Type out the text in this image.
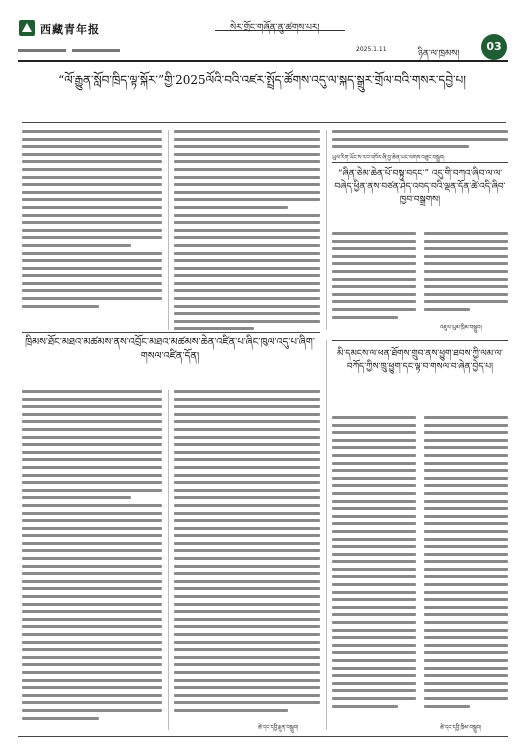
西藏青年报	སེར་གྲོང་གཞོན་ནུ་ཚགས་པར།
2025.1.11	ཉིན་ལ་ཁྲམས།
03
“ལོ་རྒྱུན་སློབ་ཁྲིད་ལྟ་སྐོར་”གྱི་2025ལོའི་བའི་འཛར་སྤྲོད་ཚོགས་འདུ་ལ་སྐད་སྒྲུར་གྲོལ་བའི་གསར་དབྱེ་པ།
ཡུལ་རིག་ཡོང་ས་རབ་འཁོར་ཞི་བྱ་ཆེན་ཡང་ལགས་འཐུང་བསྒྲུབ།
“ཞིན་ཅེམ་ཆེན་པོ་བསྟུ་བདང་” འདུ་གི་བཀའ་ཞིབ་ལ་ལ་བཞེད་ཕྱིན་ནས་བཙན་ཤེད་འབད་བའི་ལྡན་དོན་ཚེ་འདི་ཞིབ་ཁྱབ་བསྒྲགས།
འཇུལ་ཡུམ་ཁྲིམ་བསྒྲུབ།
ཁྲིམས་ཐོང་མཐའ་མཚམས་ནས་འབྲོང་མཐའ་མཚམས་ཆེན་འཛིན་པ་ཞིང་ཁུལ་འདུ་པ་ཞིག་གསལ་འཛིན་དོན།
ཚེ་དང་དབྱི་རྗུན་བསྒྲུབ།
མི་དམངས་ལ་ཕན་ཐོགས་གྲུབ་ནས་ཕྱུག་ཐབས་ཀྱི་ལམ་ལ་བཀོད་ཀྱིས་ཁྲུ་ཕྱུག་དང་ལྟ་བ་གསལ་བ་ཞེན་བྱེད་པ།
ཚེ་དང་དབྱི་ཁྲིམ་བསྒྲུབ།
